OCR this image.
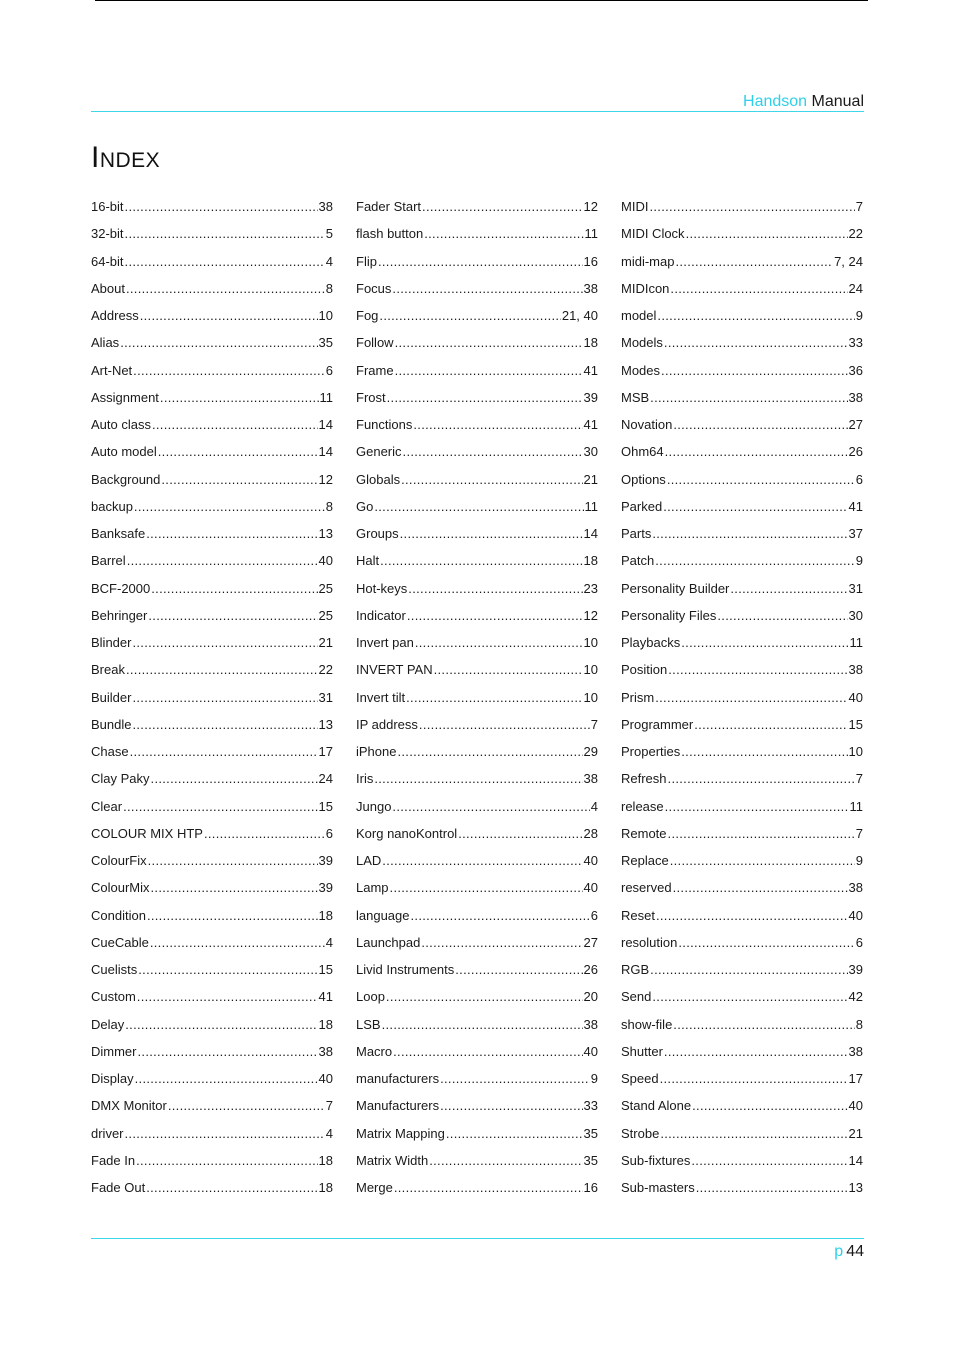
Handson Manual
Index
16-bit .....	38
32-bit .....	5
64-bit .....	4
About .....	8
Address .....	10
Alias .....	35
Art-Net .....	6
Assignment .....	11
Auto class .....	14
Auto model .....	14
Background .....	12
backup .....	8
Banksafe .....	13
Barrel .....	40
BCF-2000 .....	25
Behringer .....	25
Blinder .....	21
Break .....	22
Builder .....	31
Bundle .....	13
Chase .....	17
Clay Paky .....	24
Clear .....	15
COLOUR MIX HTP .....	6
ColourFix .....	39
ColourMix .....	39
Condition .....	18
CueCable .....	4
Cuelists .....	15
Custom .....	41
Delay .....	18
Dimmer .....	38
Display .....	40
DMX Monitor .....	7
driver .....	4
Fade In .....	18
Fade Out .....	18
Fader Start .....	12
flash button .....	11
Flip .....	16
Focus .....	38
Fog .....	21, 40
Follow .....	18
Frame .....	41
Frost .....	39
Functions .....	41
Generic .....	30
Globals .....	21
Go .....	11
Groups .....	14
Halt .....	18
Hot-keys .....	23
Indicator .....	12
Invert pan .....	10
INVERT PAN .....	10
Invert tilt .....	10
IP address .....	7
iPhone .....	29
Iris .....	38
Jungo .....	4
Korg nanoKontrol .....	28
LAD .....	40
Lamp .....	40
language .....	6
Launchpad .....	27
Livid Instruments .....	26
Loop .....	20
LSB .....	38
Macro .....	40
manufacturers .....	9
Manufacturers .....	33
Matrix Mapping .....	35
Matrix Width .....	35
Merge .....	16
MIDI .....	7
MIDI Clock .....	22
midi-map .....	7, 24
MIDIcon .....	24
model .....	9
Models .....	33
Modes .....	36
MSB .....	38
Novation .....	27
Ohm64 .....	26
Options .....	6
Parked .....	41
Parts .....	37
Patch .....	9
Personality Builder .....	31
Personality Files .....	30
Playbacks .....	11
Position .....	38
Prism .....	40
Programmer .....	15
Properties .....	10
Refresh .....	7
release .....	11
Remote .....	7
Replace .....	9
reserved .....	38
Reset .....	40
resolution .....	6
RGB .....	39
Send .....	42
show-file .....	8
Shutter .....	38
Speed .....	17
Stand Alone .....	40
Strobe .....	21
Sub-fixtures .....	14
Sub-masters .....	13
p 44
